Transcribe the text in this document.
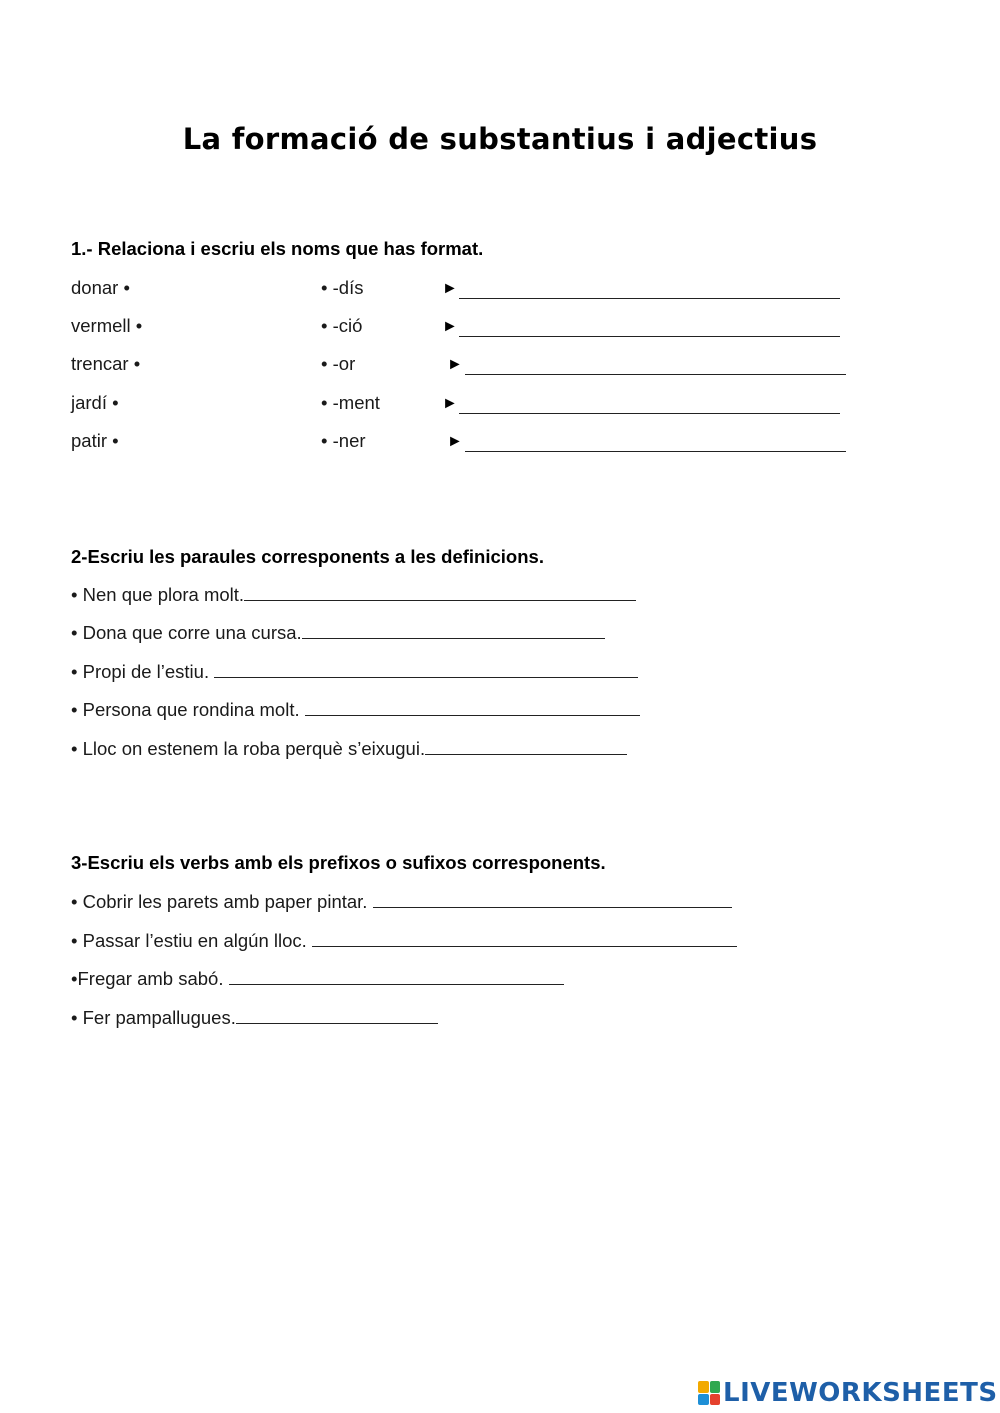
La formació de substantius i adjectius
1.- Relaciona i escriu els noms que has format.
donar •	• -dís	►
vermell •	• -ció	►
trencar •	• -or	►
jardí •	• -ment	►
patir •	• -ner	►
2-Escriu les paraules corresponents a les definicions.
• Nen que plora molt.
• Dona que corre una cursa.
• Propi de l’estiu.
• Persona que rondina molt.
• Lloc on estenem la roba perquè s’eixugui.
3-Escriu els verbs amb els prefixos o sufixos corresponents.
• Cobrir les parets amb paper pintar.
• Passar l’estiu en algún lloc.
•Fregar amb sabó.
• Fer pampallugues.
LIVEWORKSHEETS
